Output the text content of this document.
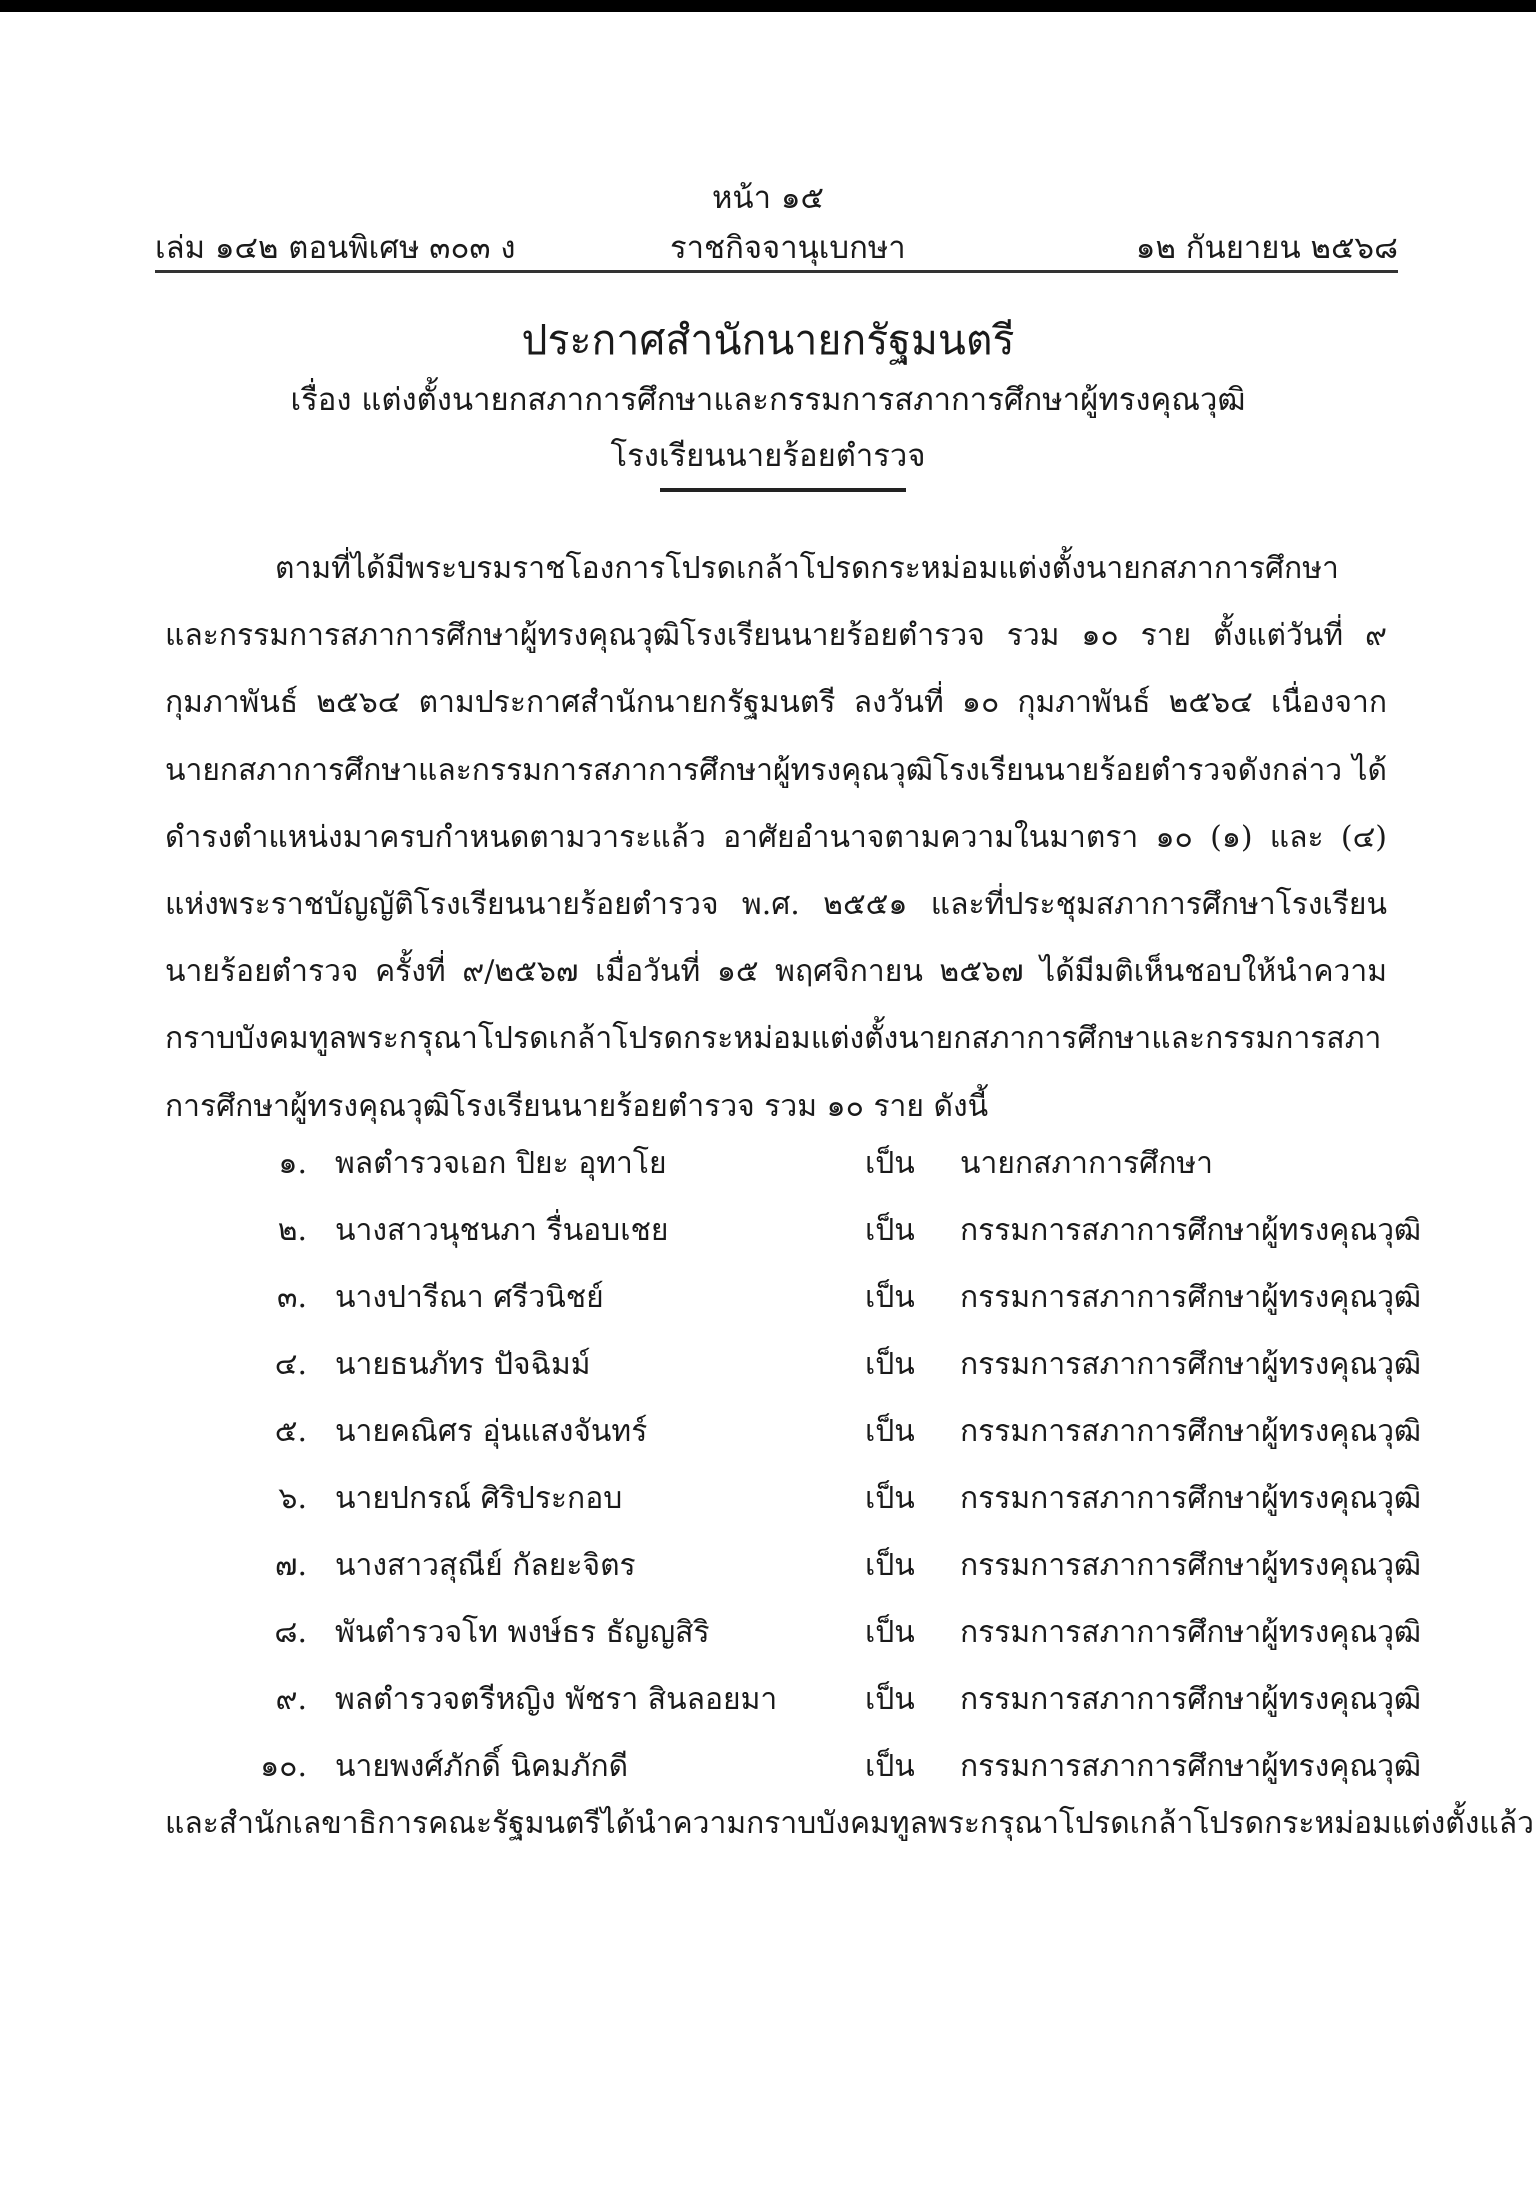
หน้า ๑๕
เล่ม ๑๔๒ ตอนพิเศษ ๓๐๓ ง	ราชกิจจานุเบกษา	๑๒ กันยายน ๒๕๖๘
ประกาศสำนักนายกรัฐมนตรี
เรื่อง แต่งตั้งนายกสภาการศึกษาและกรรมการสภาการศึกษาผู้ทรงคุณวุฒิ
โรงเรียนนายร้อยตำรวจ

ตามที่ได้มีพระบรมราชโองการโปรดเกล้าโปรดกระหม่อมแต่งตั้งนายกสภาการศึกษาและกรรมการสภาการศึกษาผู้ทรงคุณวุฒิโรงเรียนนายร้อยตำรวจ รวม ๑๐ ราย ตั้งแต่วันที่ ๙ กุมภาพันธ์ ๒๕๖๔ ตามประกาศสำนักนายกรัฐมนตรี ลงวันที่ ๑๐ กุมภาพันธ์ ๒๕๖๔ เนื่องจากนายกสภาการศึกษาและกรรมการสภาการศึกษาผู้ทรงคุณวุฒิโรงเรียนนายร้อยตำรวจดังกล่าว ได้ดำรงตำแหน่งมาครบกำหนดตามวาระแล้ว อาศัยอำนาจตามความในมาตรา ๑๐ (๑) และ (๔) แห่งพระราชบัญญัติโรงเรียนนายร้อยตำรวจ พ.ศ. ๒๕๕๑ และที่ประชุมสภาการศึกษาโรงเรียนนายร้อยตำรวจ ครั้งที่ ๙/๒๕๖๗ เมื่อวันที่ ๑๕ พฤศจิกายน ๒๕๖๗ ได้มีมติเห็นชอบให้นำความกราบบังคมทูลพระกรุณาโปรดเกล้าโปรดกระหม่อมแต่งตั้งนายกสภาการศึกษาและกรรมการสภาการศึกษาผู้ทรงคุณวุฒิโรงเรียนนายร้อยตำรวจ รวม ๑๐ ราย ดังนี้

๑. พลตำรวจเอก ปิยะ อุทาโย	เป็น นายกสภาการศึกษา
๒. นางสาวนุชนภา รื่นอบเชย	เป็น กรรมการสภาการศึกษาผู้ทรงคุณวุฒิ
๓. นางปารีณา ศรีวนิชย์	เป็น กรรมการสภาการศึกษาผู้ทรงคุณวุฒิ
๔. นายธนภัทร ปัจฉิมม์	เป็น กรรมการสภาการศึกษาผู้ทรงคุณวุฒิ
๕. นายคณิศร อุ่นแสงจันทร์	เป็น กรรมการสภาการศึกษาผู้ทรงคุณวุฒิ
๖. นายปกรณ์ ศิริประกอบ	เป็น กรรมการสภาการศึกษาผู้ทรงคุณวุฒิ
๗. นางสาวสุณีย์ กัลยะจิตร	เป็น กรรมการสภาการศึกษาผู้ทรงคุณวุฒิ
๘. พันตำรวจโท พงษ์ธร ธัญญสิริ	เป็น กรรมการสภาการศึกษาผู้ทรงคุณวุฒิ
๙. พลตำรวจตรีหญิง พัชรา สินลอยมา	เป็น กรรมการสภาการศึกษาผู้ทรงคุณวุฒิ
๑๐. นายพงศ์ภักดิ์ นิคมภักดี	เป็น กรรมการสภาการศึกษาผู้ทรงคุณวุฒิ

และสำนักเลขาธิการคณะรัฐมนตรีได้นำความกราบบังคมทูลพระกรุณาโปรดเกล้าโปรดกระหม่อมแต่งตั้งแล้ว
